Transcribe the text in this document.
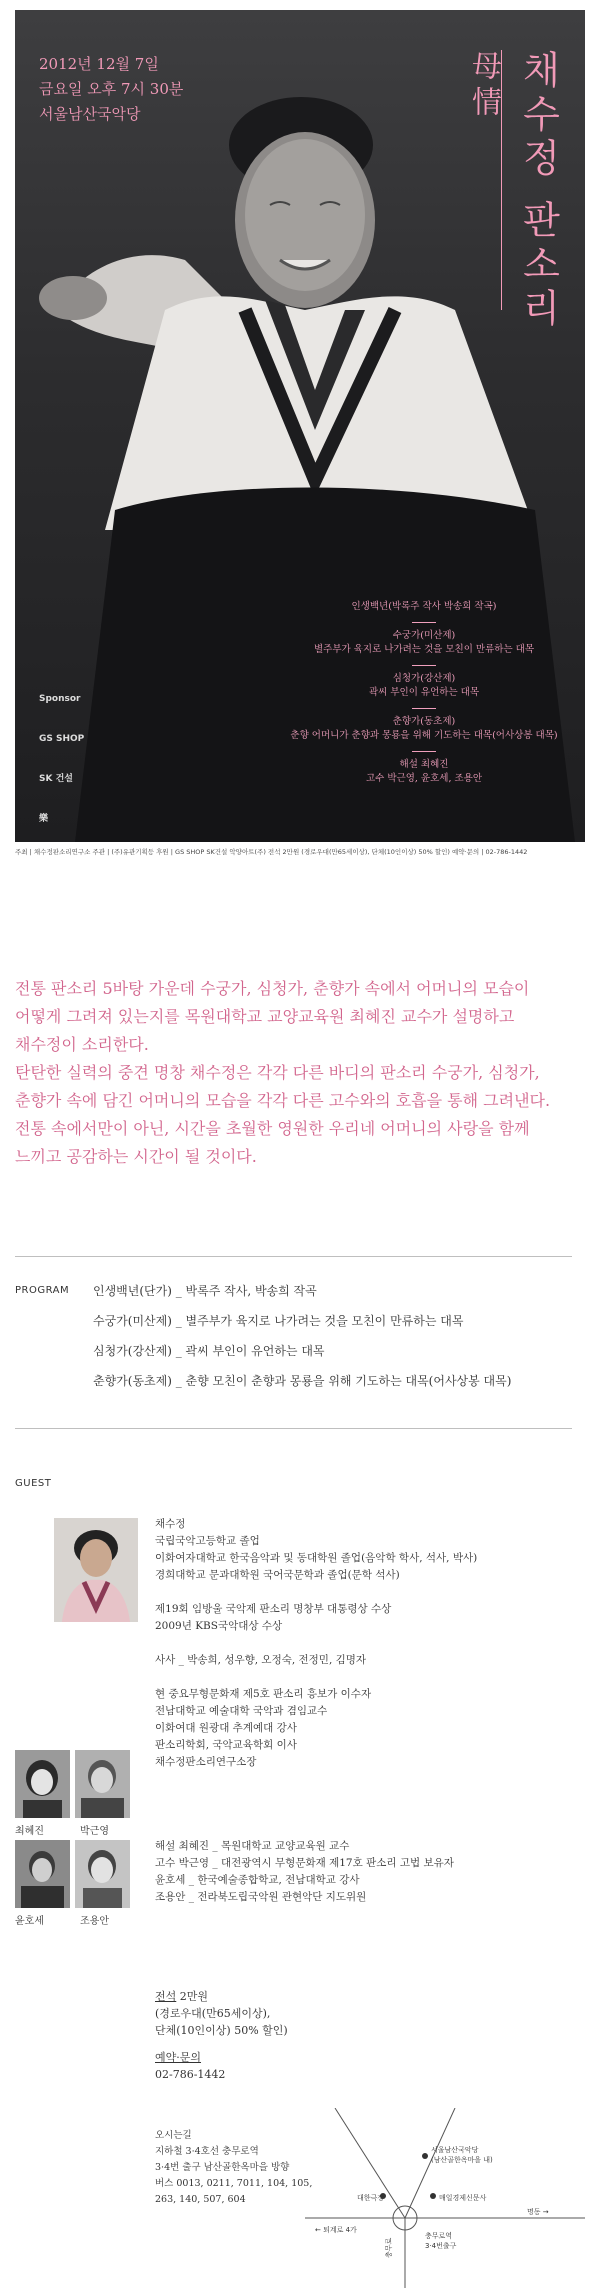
2012년 12월 7일
금요일 오후 7시 30분
서울남산국악당	채수정 판소리
母情
인생백년(박록주 작사 박송희 작곡)
수궁가(미산제)
별주부가 육지로 나가려는 것을 모친이 만류하는 대목
심청가(강산제)
곽씨 부인이 유언하는 대목
춘향가(동초제)
춘향 어머니가 춘향과 몽룡을 위해 기도하는 대목(어사상봉 대목)
해설 최혜진
고수 박근영, 윤호세, 조용안
Sponsor
GS SHOP
SK 건설
樂
주최 | 채수정판소리연구소 주관 | (주)유관기획등 후원 | GS SHOP SK건설 악양아트(주) 전석 2만원 (경로우대(만65세이상), 단체(10인이상) 50% 할인) 예약·문의 | 02-786-1442

전통 판소리 5바탕 가운데 수궁가, 심청가, 춘향가 속에서 어머니의 모습이

어떻게 그려져 있는지를 목원대학교 교양교육원 최혜진 교수가 설명하고

채수정이 소리한다.

탄탄한 실력의 중견 명창 채수정은 각각 다른 바디의 판소리 수궁가, 심청가,

춘향가 속에 담긴 어머니의 모습을 각각 다른 고수와의 호흡을 통해 그려낸다.

전통 속에서만이 아닌, 시간을 초월한 영원한 우리네 어머니의 사랑을 함께

느끼고 공감하는 시간이 될 것이다.

PROGRAM 인생백년(단가) _ 박록주 작사, 박송희 작곡
수궁가(미산제) _ 별주부가 육지로 나가려는 것을 모친이 만류하는 대목
심청가(강산제) _ 곽씨 부인이 유언하는 대목
춘향가(동초제) _ 춘향 모친이 춘향과 몽룡을 위해 기도하는 대목(어사상봉 대목)
GUEST
채수정
국립국악고등학교 졸업
이화여자대학교 한국음악과 및 동대학원 졸업(음악학 학사, 석사, 박사)
경희대학교 문과대학원 국어국문학과 졸업(문학 석사)

제19회 임방울 국악제 판소리 명창부 대통령상 수상
2009년 KBS국악대상 수상

사사 _ 박송희, 성우향, 오정숙, 전정민, 김명자

현 중요무형문화재 제5호 판소리 흥보가 이수자
전남대학교 예술대학 국악과 겸임교수
이화여대 원광대 추계예대 강사
판소리학회, 국악교육학회 이사
채수정판소리연구소장
최혜진	박근영
윤호세	조용안
해설 최혜진 _ 목원대학교 교양교육원 교수
고수 박근영 _ 대전광역시 무형문화재 제17호 판소리 고법 보유자
윤호세 _ 한국예술종합학교, 전남대학교 강사
조용안 _ 전라북도립국악원 관현악단 지도위원
전석 2만원
(경로우대(만65세이상),
단체(10인이상) 50% 할인)
예약·문의
02-786-1442
오시는길
지하철 3·4호선 충무로역
3·4번 출구 남산골한옥마을 방향
버스 0013, 0211, 7011, 104, 105,
263, 140, 507, 604
서울남산국악당
(남산골한옥마을 내)
대한극장	매일경제신문사
← 퇴계로 4가
명동 →
충무로역
3·4번출구
충무로
